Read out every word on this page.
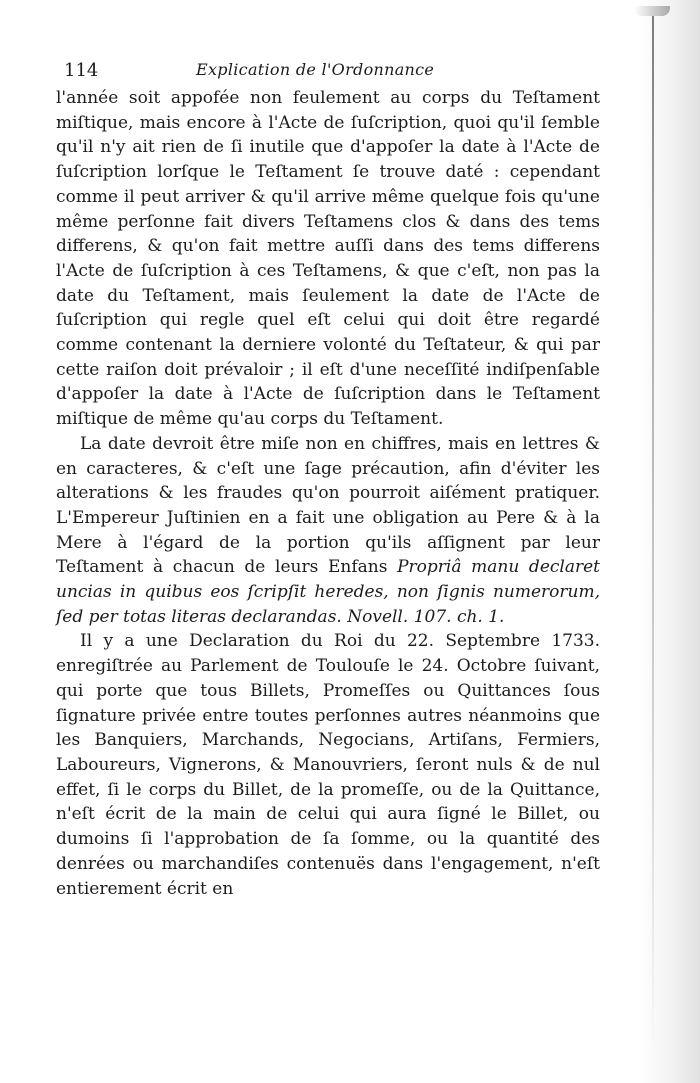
114	Explication de l'Ordonnance

l'année soit appofée non feulement au corps du Teſtament miſtique, mais encore à l'Acte de ſuſcription, quoi qu'il ſemble qu'il n'y ait rien de ſi inutile que d'appoſer la date à l'Acte de ſuſcription lorſque le Teſtament ſe trouve daté : cependant comme il peut arriver & qu'il arrive même quelque fois qu'une même perſonne fait divers Teſtamens clos & dans des tems differens, & qu'on fait mettre auſſi dans des tems differens l'Acte de ſuſcription à ces Teſtamens, & que c'eſt, non pas la date du Teſtament, mais ſeulement la date de l'Acte de ſuſcription qui regle quel eſt celui qui doit être regardé comme contenant la derniere volonté du Teſtateur, & qui par cette raiſon doit prévaloir ; il eſt d'une neceſſité indiſpenſable d'appoſer la date à l'Acte de ſuſcription dans le Teſtament miſtique de même qu'au corps du Teſtament.

La date devroit être miſe non en chiffres, mais en lettres & en caracteres, & c'eſt une ſage précaution, afin d'éviter les alterations & les fraudes qu'on pourroit aiſément pratiquer. L'Empereur Juſtinien en a fait une obligation au Pere & à la Mere à l'égard de la portion qu'ils aſſignent par leur Teſtament à chacun de leurs Enfans Propriâ manu declaret uncias in quibus eos ſcripſit heredes, non ſignis numerorum, ſed per totas literas declarandas. Novell. 107. ch. 1.

Il y a une Declaration du Roi du 22. Septembre 1733. enregiſtrée au Parlement de Toulouſe le 24. Octobre ſuivant, qui porte que tous Billets, Promeſſes ou Quittances ſous ſignature privée entre toutes perſonnes autres néanmoins que les Banquiers, Marchands, Negocians, Artiſans, Fermiers, Laboureurs, Vignerons, & Manouvriers, ſeront nuls & de nul effet, ſi le corps du Billet, de la promeſſe, ou de la Quittance, n'eſt écrit de la main de celui qui aura ſigné le Billet, ou dumoins ſi l'approbation de ſa ſomme, ou la quantité des denrées ou marchandiſes contenuës dans l'engagement, n'eſt entierement écrit en
